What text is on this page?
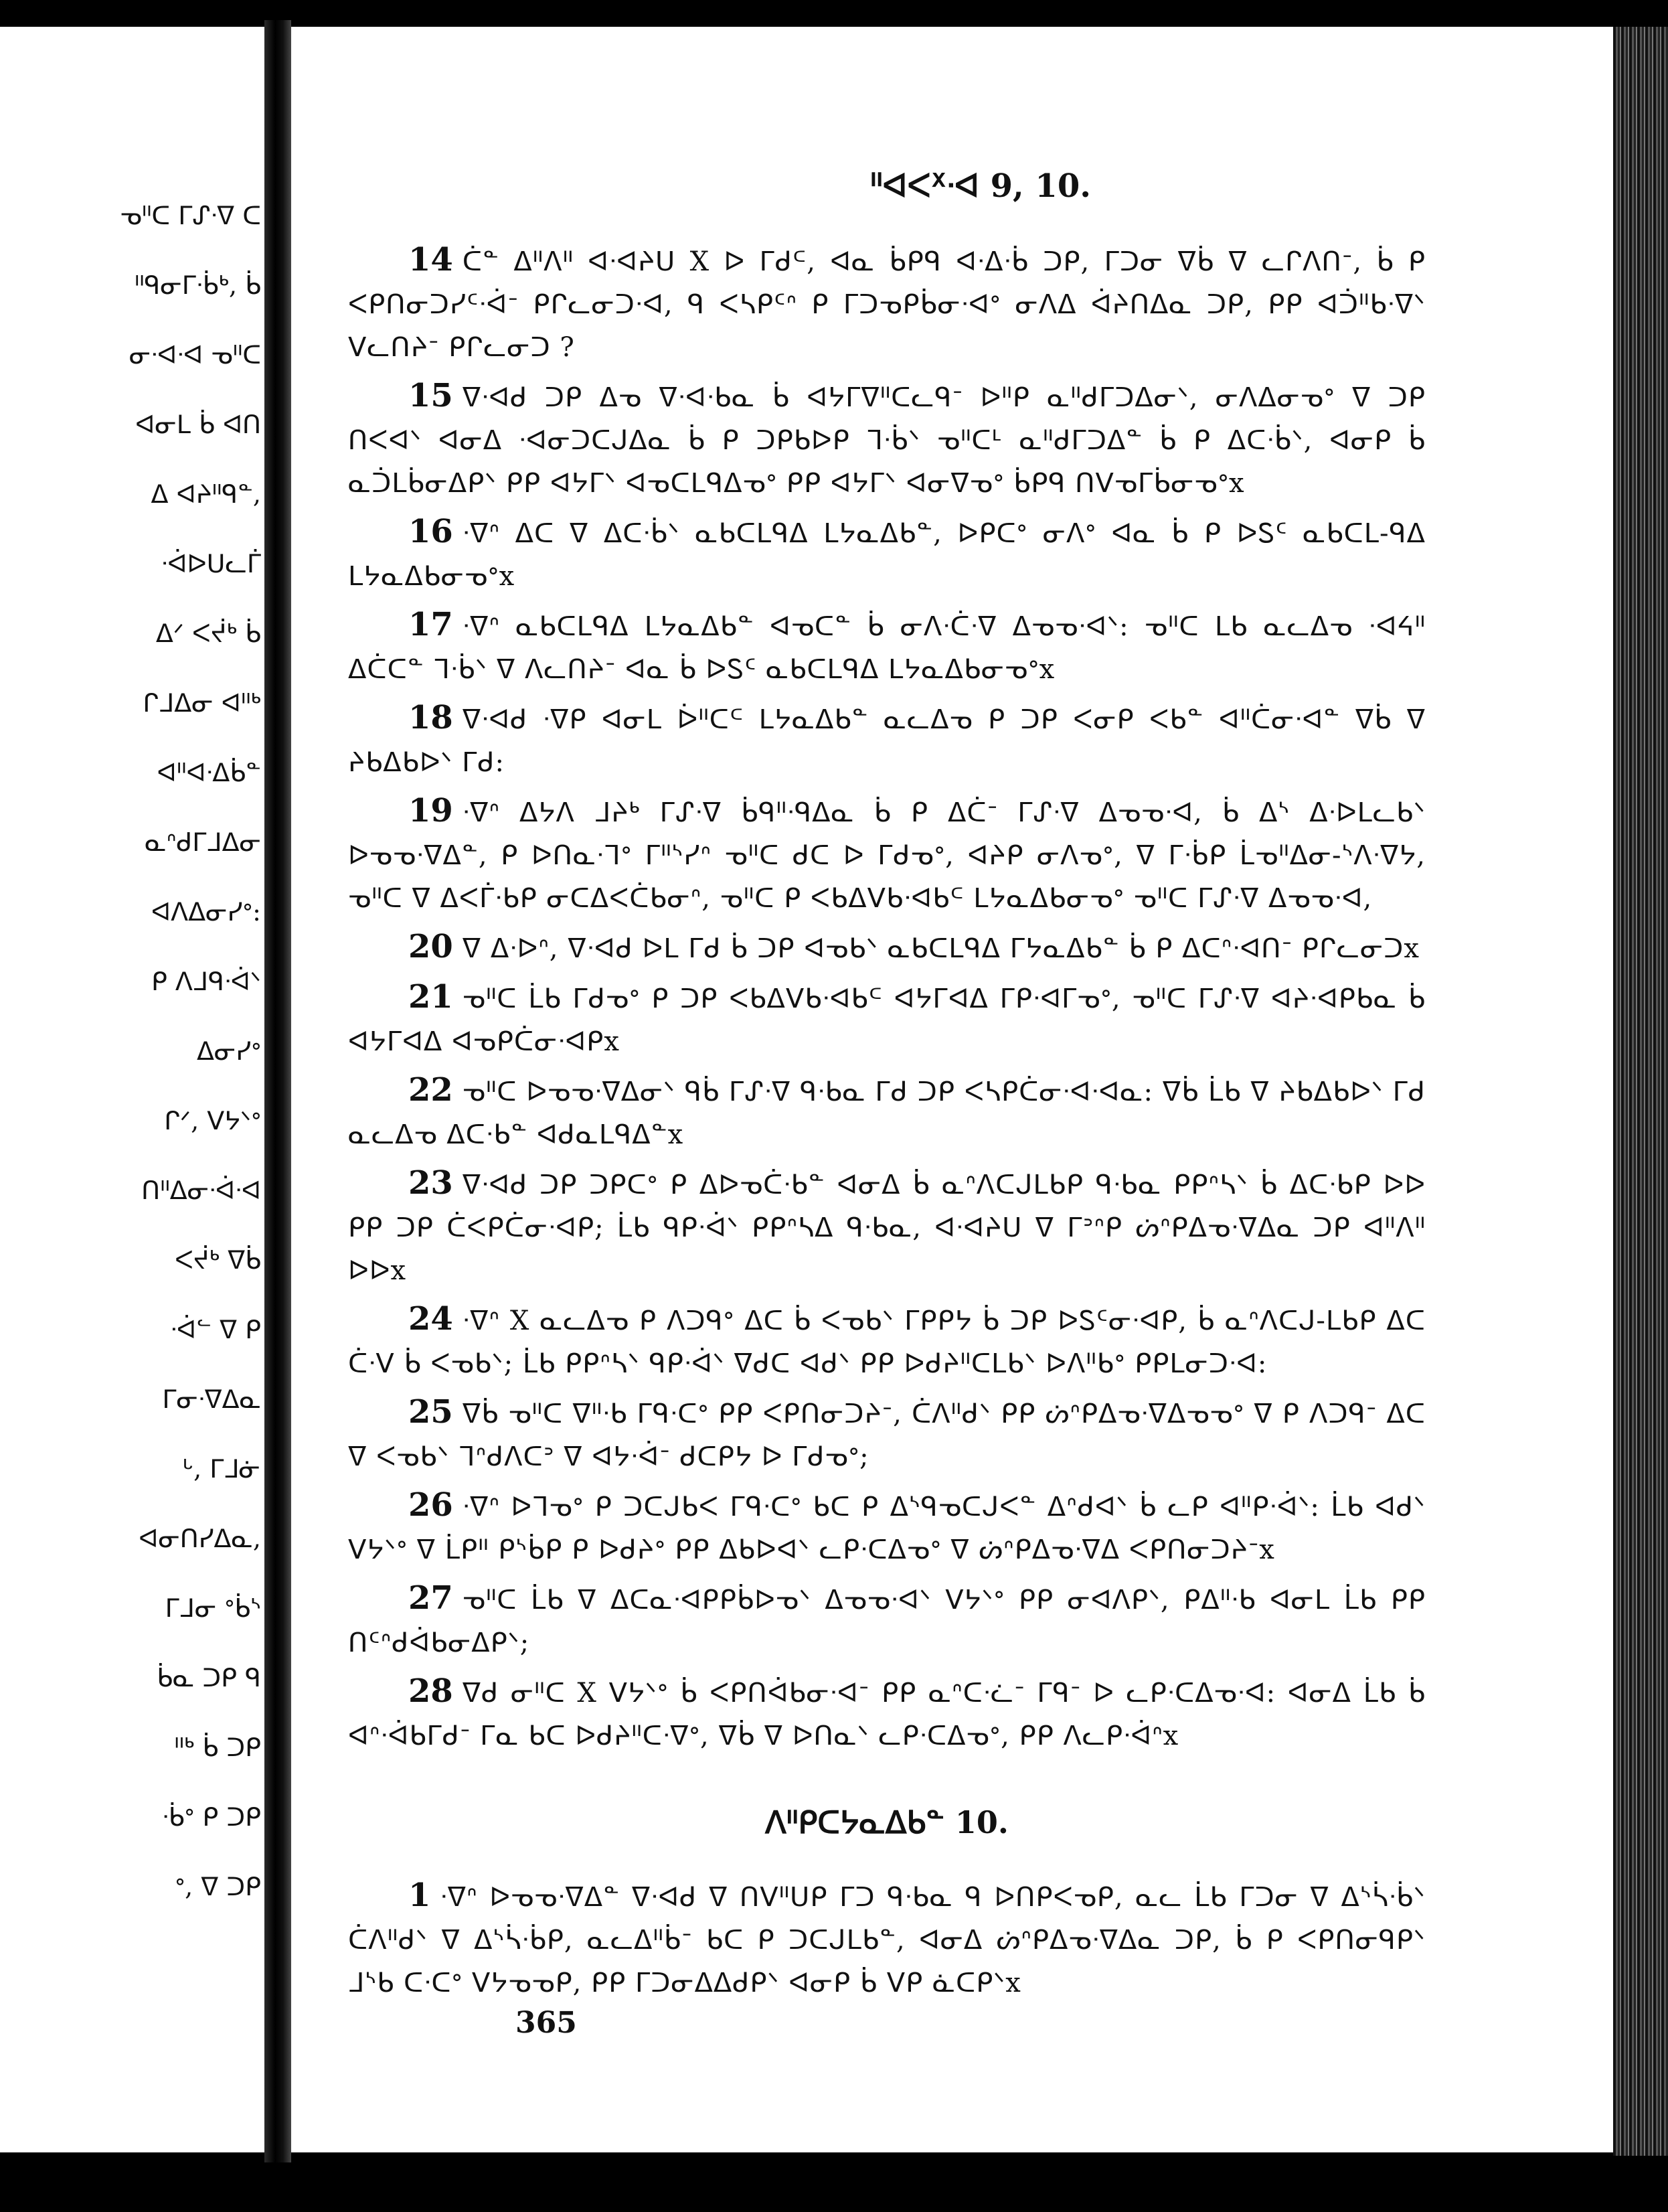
ᓀᐦᑕ ᒥᔑᐧᐁ ᑕ
ᐦᑫᓂᒥᐧᑳᒃ, ᑳ
ᓂᐧᐊᐧᐊ ᓀᐦᑕ
ᐊᓂᒪ ᑳ ᐊᑎ
ᐃ ᐊᔨᐦᑫᓐ,
ᐧᐋᐅᑌᓚᒦ
ᐃᐟ ᐸᔫᒃ ᑳ
ᒋᒧᐃᓂ ᐊᐦᒃ
ᐊᐦᐊᐧᐃᑳᓐ
ᓇᐢᑯᒥᒧᐃᓂ
ᐊᐱᐃᓂᓯᐤ:
ᑭ ᐱᒧᑫᐧᐋᐠ
ᐃᓂᓯᐤ
ᒋᐟ, ᐯᔭᐠᐤ
ᑎᐦᐃᓂᐧᐋᐧᐊ
ᐸᔫᒃ ᐁᑳ
ᐧᐋᓪ ᐁ ᑭ
ᒥᓂᐧᐁᐃᓇ
ᒡ, ᒥᒧᓃ
ᐊᓂᑎᓯᐃᓇ,
ᒥᒧᓂ ᐤᑳᔅ
ᑳᓇ ᑐᑭ ᑫ
ᐦᒃ ᑳ ᑐᑭ
ᐧᑳᐤ ᑭ ᑐᑭ
ᐤ, ᐁ ᑐᑭ
ᐦᐊᐸᕽᐧᐊ 9, 10.

14 ᑖᓐ ᐃᐦᐱᐦ ᐊᐧᐊᔨᑌ X ᐅ ᒥᑯᒼ, ᐊᓇ ᑳᑭᑫ ᐊᐧᐃᐧᑳ ᑐᑭ, ᒥᑐᓂ ᐁᑳ ᐁ ᓚᒋᐱᑎᐨ, ᑳ ᑭ ᐸᑭᑎᓂᑐᓯᑦᐧᐋᐨ ᑭᒋᓚᓂᑐᐧᐊ, ᑫ ᐸᓴᑭᑦᐢ ᑭ ᒥᑐᓀᑭᑳᓂᐧᐊᐤ ᓂᐱᐃ ᐋᔨᑎᐃᓇ ᑐᑭ, ᑭᑭ ᐊᑑᐦᑲᐧᐁᐠ ᐯᓚᑎᔨᐨ ᑭᒋᓚᓂᑐ ?

15 ᐁᐧᐊᑯ ᑐᑭ ᐃᓀ ᐁᐧᐊᐧᑲᓇ ᑳ ᐊᔭᒥᐁᐦᑕᓚᑫᐨ ᐅᐦᑭ ᓇᐦᑯᒥᑐᐃᓂᐠ, ᓂᐱᐃᓂᓀᐤ ᐁ ᑐᑭ ᑎᐸᐊᐠ ᐊᓂᐃ ᐧᐊᓂᑐᑕᒍᐃᓇ ᑳ ᑭ ᑐᑭᑲᐅᑭ ᒣᐧᑳᐠ ᓀᐦᑕᒻ ᓇᐦᑯᒥᑐᐃᓐ ᑳ ᑭ ᐃᑕᐧᑳᐠ, ᐊᓂᑭ ᑳ ᓇᑑᒪᑳᓂᐃᑭᐠ ᑭᑭ ᐊᔭᒥᐠ ᐊᓀᑕᒪᑫᐃᓀᐤ ᑭᑭ ᐊᔭᒥᐠ ᐊᓂᐁᓀᐤ ᑳᑭᑫ ᑎᐯᓀᒥᑳᓂᓀᐤx

16 ᐧᐁᐢ ᐃᑕ ᐁ ᐃᑕᐧᑳᐠ ᓇᑲᑕᒪᑫᐃ ᒪᔭᓇᐃᑲᓐ, ᐅᑭᑕᐤ ᓂᐱᐤ ᐊᓇ ᑳ ᑭ ᐅᏚᑦ ᓇᑲᑕᒪ-ᑫᐃ ᒪᔭᓇᐃᑲᓂᓀᐤx

17 ᐧᐁᐢ ᓇᑲᑕᒪᑫᐃ ᒪᔭᓇᐃᑲᓐ ᐊᓀᑕᓐ ᑳ ᓂᐱᐧᑖᐧᐁ ᐃᓀᓀᐧᐊᐠ: ᓀᐦᑕ ᒪᑲ ᓇᓚᐃᓀ ᐧᐊᔦᐦ ᐃᑖᑕᓐ ᒣᐧᑳᐠ ᐁ ᐱᓚᑎᔨᐨ ᐊᓇ ᑳ ᐅᏚᑦ ᓇᑲᑕᒪᑫᐃ ᒪᔭᓇᐃᑲᓂᓀᐤx

18 ᐁᐧᐊᑯ ᐧᐁᑭ ᐊᓂᒪ ᐆᐦᑕᒼ ᒪᔭᓇᐃᑲᓐ ᓇᓚᐃᓀ ᑭ ᑐᑭ ᐸᓂᑭ ᐸᑲᓐ ᐊᐦᑖᓂᐧᐊᓐ ᐁᑳ ᐁ ᔨᑲᐃᑲᐅᐠ ᒥᑯ:

19 ᐧᐁᐢ ᐃᔭᐱ ᒧᔨᒃ ᒥᔑᐧᐁ ᑳᑫᐦᐧᑫᐃᓇ ᑳ ᑭ ᐃᑖᐨ ᒥᔑᐧᐁ ᐃᓀᓀᐧᐊ, ᑳ ᐃᔅ ᐃᐧᐅᒪᓚᑲᐠ ᐅᓀᓀᐧᐁᐃᓐ, ᑭ ᐅᑎᓇᐧᒣᐤ ᒥᐦᔅᓯᐢ ᓀᐦᑕ ᑯᑕ ᐅ ᒥᑯᓀᐤ, ᐊᔨᑭ ᓂᐱᓀᐤ, ᐁ ᒥᐧᑳᑭ ᒫᓀᐦᐃᓂ-ᔅᐱᐧᐁᔭ, ᓀᐦᑕ ᐁ ᐃᐸᒦᐧᑲᑭ ᓂᑕᐃᐸᑖᑲᓂᐢ, ᓀᐦᑕ ᑭ ᐸᑲᐃᐯᑲᐧᐊᑲᒼ ᒪᔭᓇᐃᑲᓂᓀᐤ ᓀᐦᑕ ᒥᔑᐧᐁ ᐃᓀᓀᐧᐊ,

20 ᐁ ᐃᐧᐅᐢ, ᐁᐧᐊᑯ ᐅᒪ ᒥᑯ ᑳ ᑐᑭ ᐊᓀᑲᐠ ᓇᑲᑕᒪᑫᐃ ᒥᔭᓇᐃᑲᓐ ᑳ ᑭ ᐃᑕᐢᐧᐊᑎᐨ ᑭᒋᓚᓂᑐx

21 ᓀᐦᑕ ᒫᑲ ᒥᑯᓀᐤ ᑭ ᑐᑭ ᐸᑲᐃᐯᑲᐧᐊᑲᒼ ᐊᔭᒥᐊᐃ ᒥᑭᐧᐊᒥᓀᐤ, ᓀᐦᑕ ᒥᔑᐧᐁ ᐊᔨᐧᐊᑭᑲᓇ ᑳ ᐊᔭᒥᐊᐃ ᐊᓀᑭᑖᓂᐧᐊᑭx

22 ᓀᐦᑕ ᐅᓀᓀᐧᐁᐃᓂᐠ ᑫᑳ ᒥᔑᐧᐁ ᑫᐧᑲᓇ ᒥᑯ ᑐᑭ ᐸᓴᑭᑖᓂᐧᐊᐧᐊᓇ: ᐁᑳ ᒫᑲ ᐁ ᔨᑲᐃᑲᐅᐠ ᒥᑯ ᓇᓚᐃᓀ ᐃᑕᐧᑲᓐ ᐊᑯᓇᒪᑫᐃᓐx

23 ᐁᐧᐊᑯ ᑐᑭ ᑐᑭᑕᐤ ᑭ ᐃᐅᓀᑖᐧᑲᓐ ᐊᓂᐃ ᑳ ᓇᐢᐱᑕᒍᒪᑲᑭ ᑫᐧᑲᓇ ᑭᑭᐢᓴᐠ ᑳ ᐃᑕᐧᑲᑭ ᐅᐅ ᑭᑭ ᑐᑭ ᑖᐸᑭᑖᓂᐧᐊᑭ; ᒫᑲ ᑫᑭᐧᐋᐠ ᑭᑭᐢᓴᐃ ᑫᐧᑲᓇ, ᐊᐧᐊᔨᑌ ᐁ ᒥᐣᐢᑭ ᔖᐢᑭᐃᓀᐧᐁᐃᓇ ᑐᑭ ᐊᐦᐱᐦ ᐅᐅx

24 ᐧᐁᐢ X ᓇᓚᐃᓀ ᑭ ᐱᑐᑫᐤ ᐃᑕ ᑳ ᐸᓀᑲᐠ ᒥᑭᑭᔭ ᑳ ᑐᑭ ᐅᏚᑦᓂᐧᐊᑭ, ᑳ ᓇᐢᐱᑕᒍ-ᒪᑲᑭ ᐃᑕ ᑖᐧᐯ ᑳ ᐸᓀᑲᐠ; ᒫᑲ ᑭᑭᐢᓴᐠ ᑫᑭᐧᐋᐠ ᐁᑯᑕ ᐊᑯᐠ ᑭᑭ ᐅᑯᔨᐦᑕᒪᑲᐠ ᐅᐱᐦᑲᐤ ᑭᑭᒪᓂᑐᐧᐊ:

25 ᐁᑳ ᓀᐦᑕ ᐁᐦᐧᑲ ᒥᑫᐧᑕᐤ ᑭᑭ ᐸᑭᑎᓂᑐᔨᐨ, ᑖᐱᐦᑯᐠ ᑭᑭ ᔖᐢᑭᐃᓀᐧᐁᐃᓀᓀᐤ ᐁ ᑭ ᐱᑐᑫᐨ ᐃᑕ ᐁ ᐸᓀᑲᐠ ᒣᐢᑯᐱᑕᐣ ᐁ ᐊᔭᐧᐋᐨ ᑯᑕᑭᔭ ᐅ ᒥᑯᓀᐤ;

26 ᐧᐁᐢ ᐅᒣᓀᐤ ᑭ ᑐᑕᒍᑲᐸ ᒥᑫᐧᑕᐤ ᑲᑕ ᑭ ᐃᔅᑫᓀᑕᒍᐸᓐ ᐃᐢᑯᐊᐠ ᑳ ᓚᑭ ᐊᐦᑭᐧᐋᐠ: ᒫᑲ ᐊᑯᐠ ᐯᔭᐠᐤ ᐁ ᒫᑭᐦ ᑭᔅᑳᑭ ᑭ ᐅᑯᔨᐤ ᑭᑭ ᐃᑲᐅᐊᐠ ᓚᑭᐧᑕᐃᓀᐤ ᐁ ᔖᐢᑭᐃᓀᐧᐁᐃ ᐸᑭᑎᓂᑐᔨᐨx

27 ᓀᐦᑕ ᒫᑲ ᐁ ᐃᑕᓇᐧᐊᑭᑭᑳᐅᓀᐠ ᐃᓀᓀᐧᐊᐠ ᐯᔭᐠᐤ ᑭᑭ ᓂᐊᐱᑭᐠ, ᑭᐃᐦᐧᑲ ᐊᓂᒪ ᒫᑲ ᑭᑭ ᑎᑦᐢᑯᐋᑲᓂᐃᑭᐠ;

28 ᐁᑯ ᓂᐦᑕ X ᐯᔭᐠᐤ ᑳ ᐸᑭᑎᐋᑲᓂᐧᐊᐨ ᑭᑭ ᓇᐢᑕᐧᓛᐨ ᒥᑫᐨ ᐅ ᓚᑭᐧᑕᐃᓀᐧᐊ: ᐊᓂᐃ ᒫᑲ ᑳ ᐊᐢᐧᐋᑲᒥᑯᐨ ᒥᓇ ᑲᑕ ᐅᑯᔨᐦᑕᐧᐁᐤ, ᐁᑳ ᐁ ᐅᑎᓇᐠ ᓚᑭᐧᑕᐃᓀᐤ, ᑭᑭ ᐱᓚᑭᐧᐋᐢx

ᐱᐦᑭᑕᔭᓇᐃᑲᓐ 10.

1 ᐧᐁᐢ ᐅᓀᓀᐧᐁᐃᓐ ᐁᐧᐊᑯ ᐁ ᑎᐯᐦᑌᑭ ᒥᑐ ᑫᐧᑲᓇ ᑫ ᐅᑎᑭᐸᓀᑭ, ᓇᓚ ᒫᑲ ᒥᑐᓂ ᐁ ᐃᔅᓵᐧᑳᐠ ᑖᐱᐦᑯᐠ ᐁ ᐃᔅᓵᐧᑳᑭ, ᓇᓚᐃᐦᑳᐨ ᑲᑕ ᑭ ᑐᑕᒍᒪᑲᓐ, ᐊᓂᐃ ᔖᐢᑭᐃᓀᐧᐁᐃᓇ ᑐᑭ, ᑳ ᑭ ᐸᑭᑎᓂᑫᑭᐠ ᒧᔅᑲ ᑕᐧᑕᐤ ᐯᔭᓀᓀᑭ, ᑭᑭ ᒥᑐᓂᐃᐃᑯᑭᐠ ᐊᓂᑭ ᑳ ᐯᑭ ᓈᑕᑭᐠx

365
